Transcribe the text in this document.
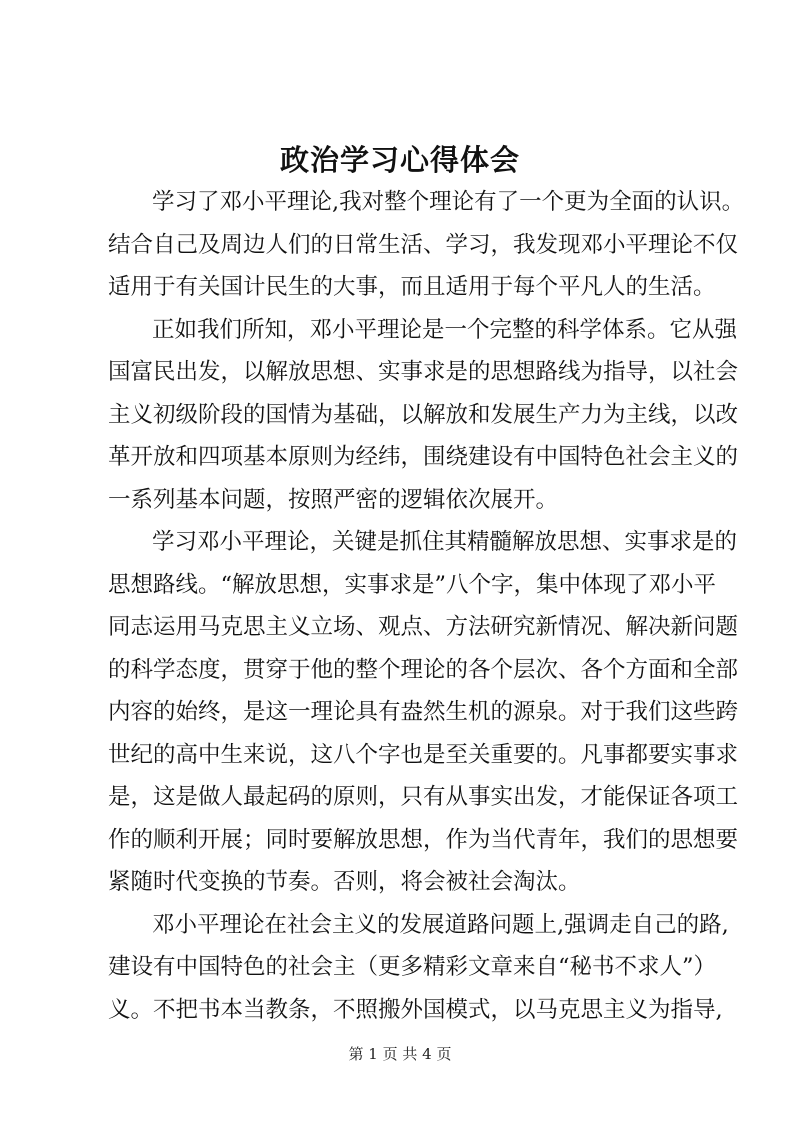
政治学习心得体会

学习了邓小平理论,我对整个理论有了一个更为全面的认识。

结合自己及周边人们的日常生活、学习，我发现邓小平理论不仅

适用于有关国计民生的大事，而且适用于每个平凡人的生活。

正如我们所知，邓小平理论是一个完整的科学体系。它从强

国富民出发，以解放思想、实事求是的思想路线为指导，以社会

主义初级阶段的国情为基础，以解放和发展生产力为主线，以改

革开放和四项基本原则为经纬，围绕建设有中国特色社会主义的

一系列基本问题，按照严密的逻辑依次展开。

学习邓小平理论，关键是抓住其精髓解放思想、实事求是的

思想路线。“解放思想，实事求是”八个字，集中体现了邓小平

同志运用马克思主义立场、观点、方法研究新情况、解决新问题

的科学态度，贯穿于他的整个理论的各个层次、各个方面和全部

内容的始终，是这一理论具有盎然生机的源泉。对于我们这些跨

世纪的高中生来说，这八个字也是至关重要的。凡事都要实事求

是，这是做人最起码的原则，只有从事实出发，才能保证各项工

作的顺利开展；同时要解放思想，作为当代青年，我们的思想要

紧随时代变换的节奏。否则，将会被社会淘汰。

邓小平理论在社会主义的发展道路问题上,强调走自己的路,

建设有中国特色的社会主（更多精彩文章来自“秘书不求人”）

义。不把书本当教条，不照搬外国模式，以马克思主义为指导,

第 1 页 共 4 页
